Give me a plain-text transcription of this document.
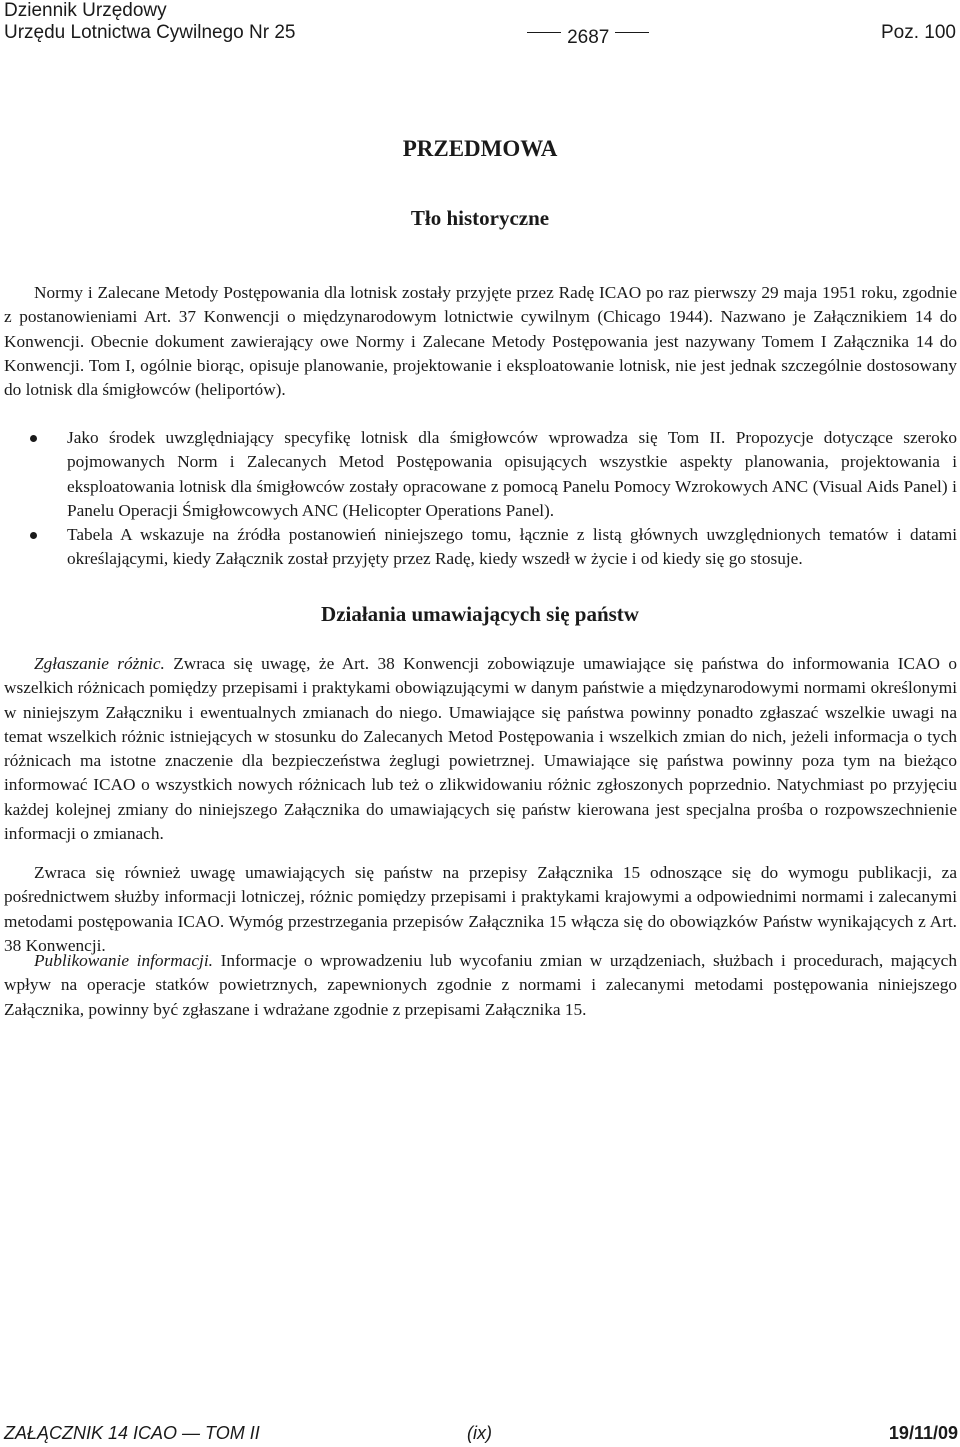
Dziennik Urzędowy
Urzędu Lotnictwa Cywilnego Nr 25	2687	Poz. 100
PRZEDMOWA
Tło historyczne

Normy i Zalecane Metody Postępowania dla lotnisk zostały przyjęte przez Radę ICAO po raz pierwszy 29 maja 1951 roku, zgodnie z postanowieniami Art. 37 Konwencji o międzynarodowym lotnictwie cywilnym (Chicago 1944). Nazwano je Załącznikiem 14 do Konwencji. Obecnie dokument zawierający owe Normy i Zalecane Metody Postępowania jest nazywany Tomem I Załącznika 14 do Konwencji. Tom I, ogólnie biorąc, opisuje planowanie, projektowanie i eksploatowanie lotnisk, nie jest jednak szczególnie dostosowany do lotnisk dla śmigłowców (heliportów).

Jako środek uwzględniający specyfikę lotnisk dla śmigłowców wprowadza się Tom II. Propozycje dotyczące szeroko pojmowanych Norm i Zalecanych Metod Postępowania opisujących wszystkie aspekty planowania, projektowania i eksploatowania lotnisk dla śmigłowców zostały opracowane z pomocą Panelu Pomocy Wzrokowych ANC (Visual Aids Panel) i Panelu Operacji Śmigłowcowych ANC (Helicopter Operations Panel).
Tabela A wskazuje na źródła postanowień niniejszego tomu, łącznie z listą głównych uwzględnionych tematów i datami określającymi, kiedy Załącznik został przyjęty przez Radę, kiedy wszedł w życie i od kiedy się go stosuje.
Działania umawiających się państw

Zgłaszanie różnic. Zwraca się uwagę, że Art. 38 Konwencji zobowiązuje umawiające się państwa do informowania ICAO o wszelkich różnicach pomiędzy przepisami i praktykami obowiązującymi w danym państwie a międzynarodowymi normami określonymi w niniejszym Załączniku i ewentualnych zmianach do niego. Umawiające się państwa powinny ponadto zgłaszać wszelkie uwagi na temat wszelkich różnic istniejących w stosunku do Zalecanych Metod Postępowania i wszelkich zmian do nich, jeżeli informacja o tych różnicach ma istotne znaczenie dla bezpieczeństwa żeglugi powietrznej. Umawiające się państwa powinny poza tym na bieżąco informować ICAO o wszystkich nowych różnicach lub też o zlikwidowaniu różnic zgłoszonych poprzednio. Natychmiast po przyjęciu każdej kolejnej zmiany do niniejszego Załącznika do umawiających się państw kierowana jest specjalna prośba o rozpowszechnienie informacji o zmianach.

Zwraca się również uwagę umawiających się państw na przepisy Załącznika 15 odnoszące się do wymogu publikacji, za pośrednictwem służby informacji lotniczej, różnic pomiędzy przepisami i praktykami krajowymi a odpowiednimi normami i zalecanymi metodami postępowania ICAO. Wymóg przestrzegania przepisów Załącznika 15 włącza się do obowiązków Państw wynikających z Art. 38 Konwencji.

Publikowanie informacji. Informacje o wprowadzeniu lub wycofaniu zmian w urządzeniach, służbach i procedurach, mających wpływ na operacje statków powietrznych, zapewnionych zgodnie z normami i zalecanymi metodami postępowania niniejszego Załącznika, powinny być zgłaszane i wdrażane zgodnie z przepisami Załącznika 15.

ZAŁĄCZNIK 14 ICAO — TOM II	(ix)	19/11/09
